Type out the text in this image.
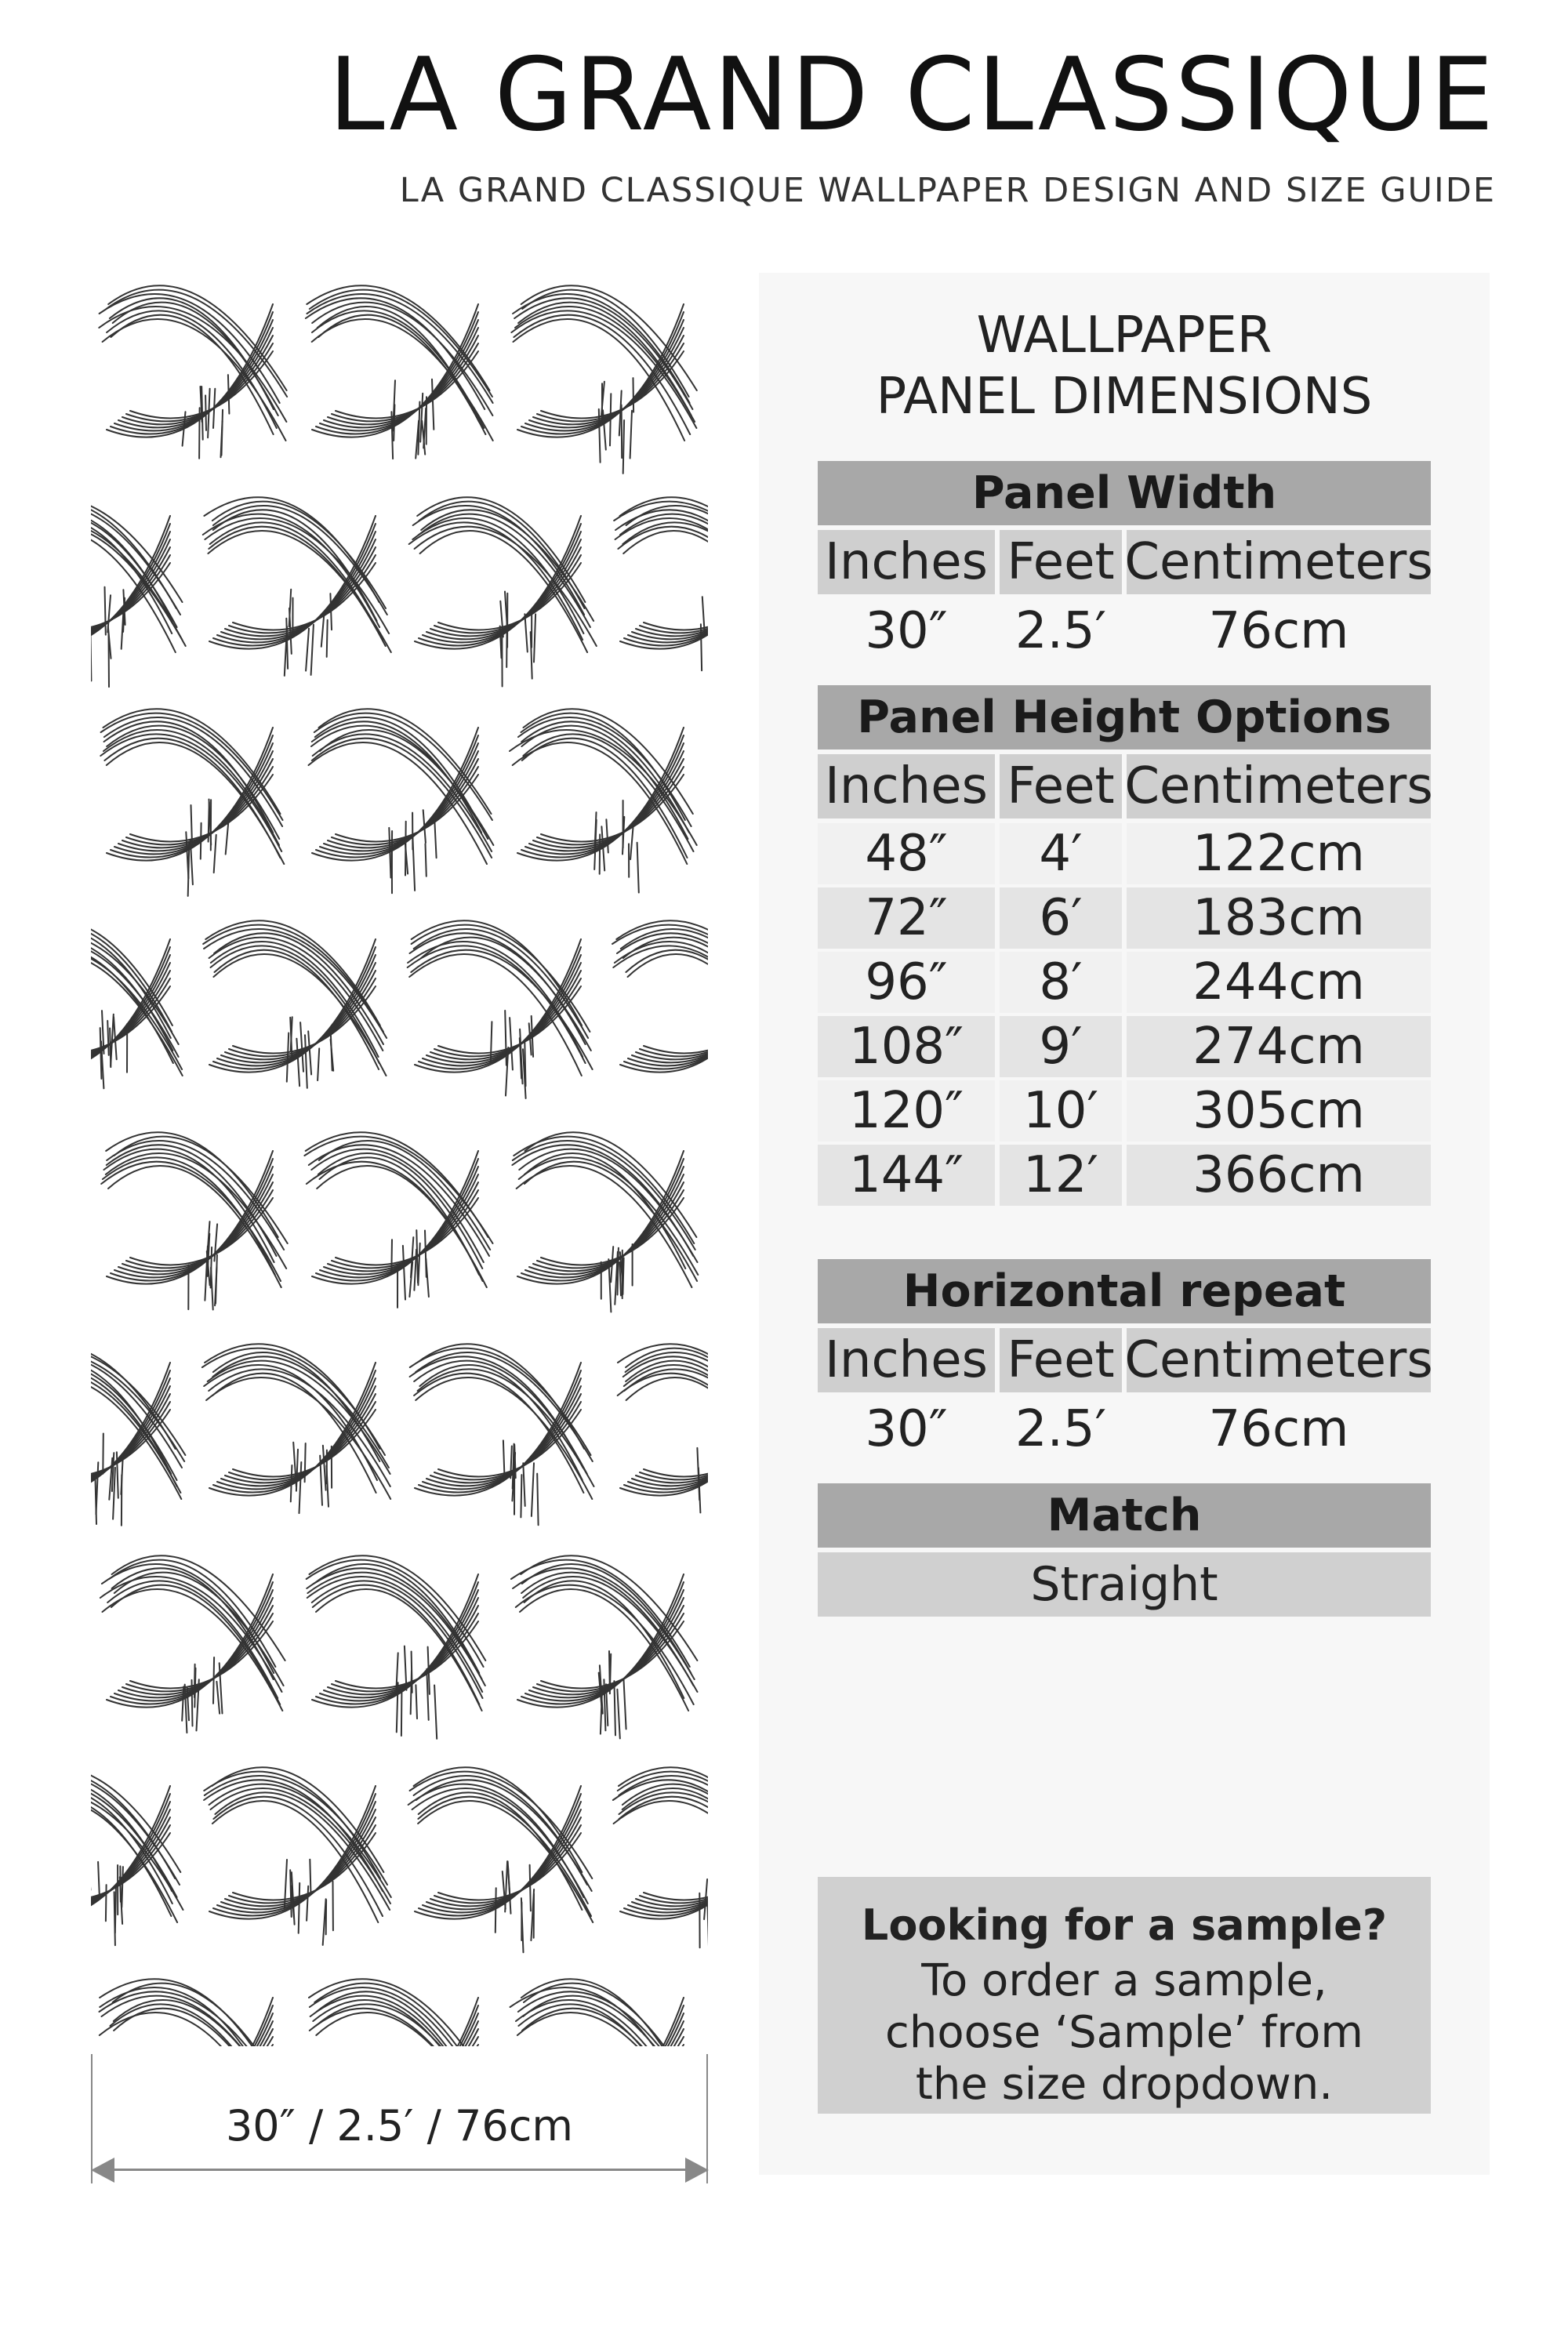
LA GRAND CLASSIQUE
LA GRAND CLASSIQUE WALLPAPER DESIGN AND SIZE GUIDE
30″ / 2.5′ / 76cm
WALLPAPER
PANEL DIMENSIONS
Panel Width
Inches Feet Centimeters
30″	2.5′	76cm
Panel Height Options
Inches Feet Centimeters
48″	4′	122cm
72″	6′	183cm
96″	8′	244cm
108″	9′	274cm
120″	10′	305cm
144″	12′	366cm
Horizontal repeat
Inches Feet Centimeters
30″	2.5′	76cm
Match
Straight
Looking for a sample?
To order a sample,
choose ‘Sample’ from
the size dropdown.
